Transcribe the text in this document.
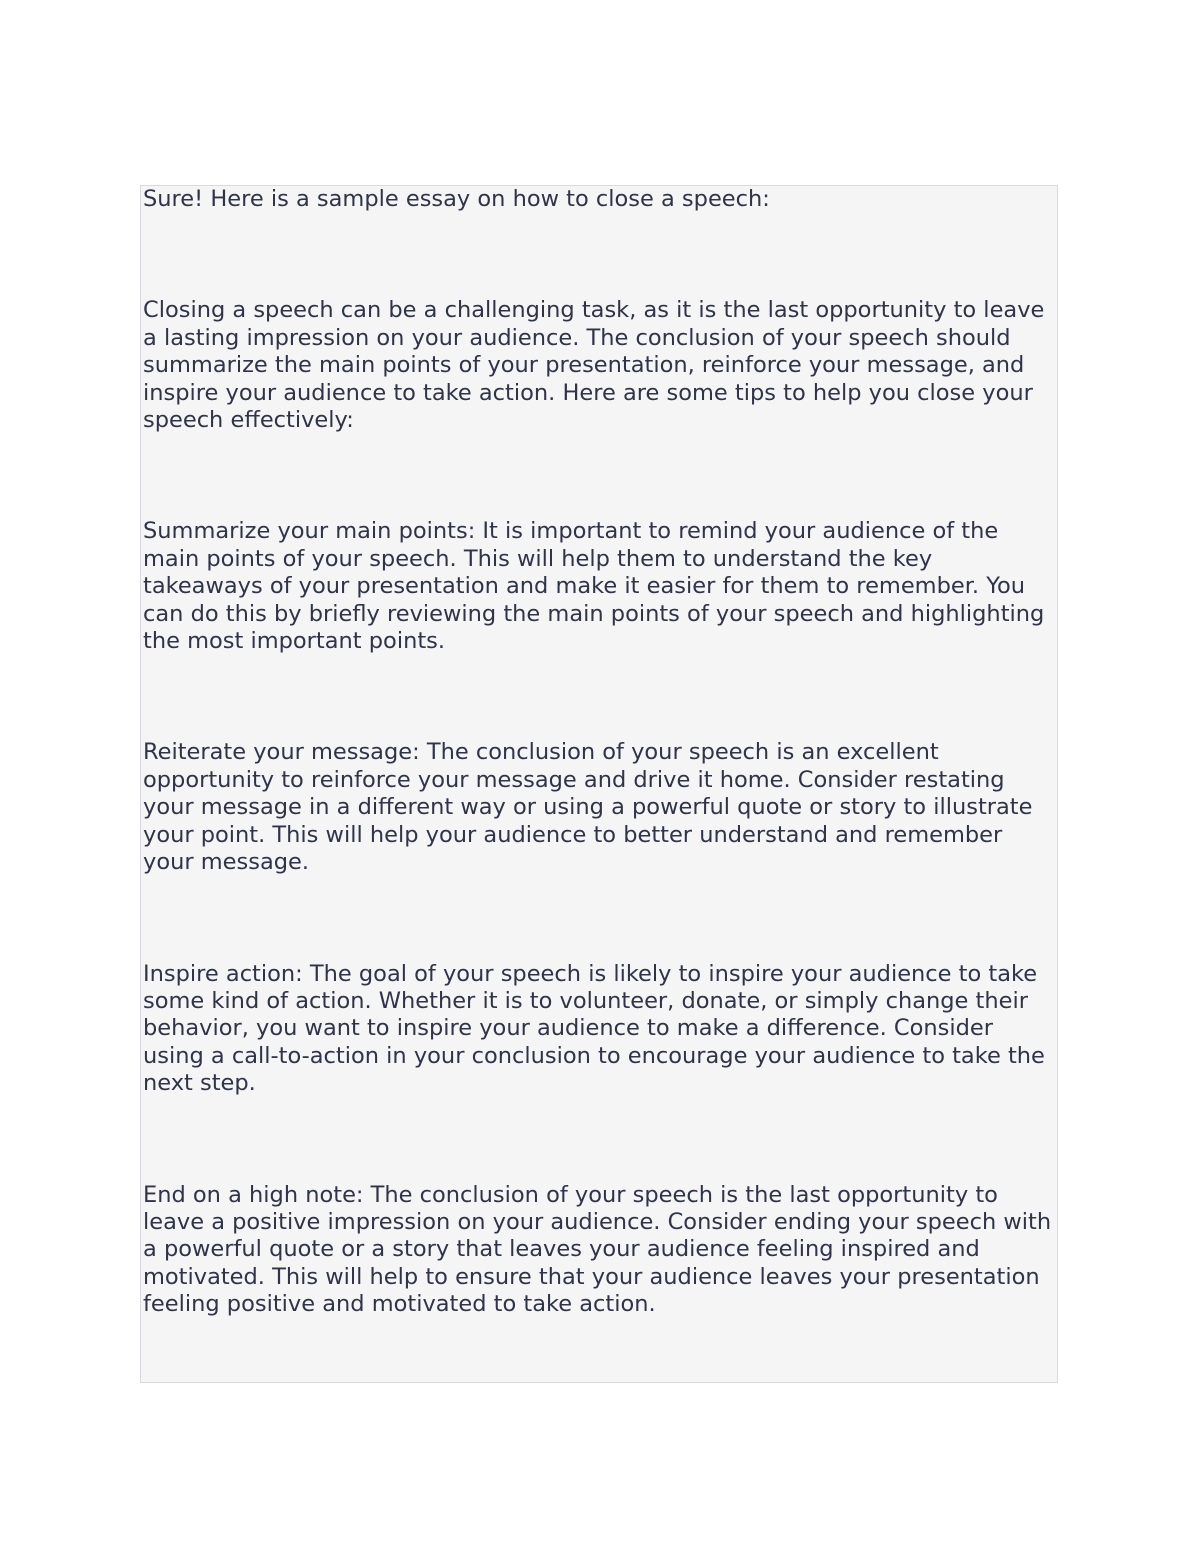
Sure! Here is a sample essay on how to close a speech:

Closing a speech can be a challenging task, as it is the last opportunity to leave a lasting impression on your audience. The conclusion of your speech should summarize the main points of your presentation, reinforce your message, and inspire your audience to take action. Here are some tips to help you close your speech effectively:

Summarize your main points: It is important to remind your audience of the main points of your speech. This will help them to understand the key takeaways of your presentation and make it easier for them to remember. You can do this by briefly reviewing the main points of your speech and highlighting the most important points.

Reiterate your message: The conclusion of your speech is an excellent opportunity to reinforce your message and drive it home. Consider restating your message in a different way or using a powerful quote or story to illustrate your point. This will help your audience to better understand and remember your message.

Inspire action: The goal of your speech is likely to inspire your audience to take some kind of action. Whether it is to volunteer, donate, or simply change their behavior, you want to inspire your audience to make a difference. Consider using a call-to-action in your conclusion to encourage your audience to take the next step.

End on a high note: The conclusion of your speech is the last opportunity to leave a positive impression on your audience. Consider ending your speech with a powerful quote or a story that leaves your audience feeling inspired and motivated. This will help to ensure that your audience leaves your presentation feeling positive and motivated to take action.
